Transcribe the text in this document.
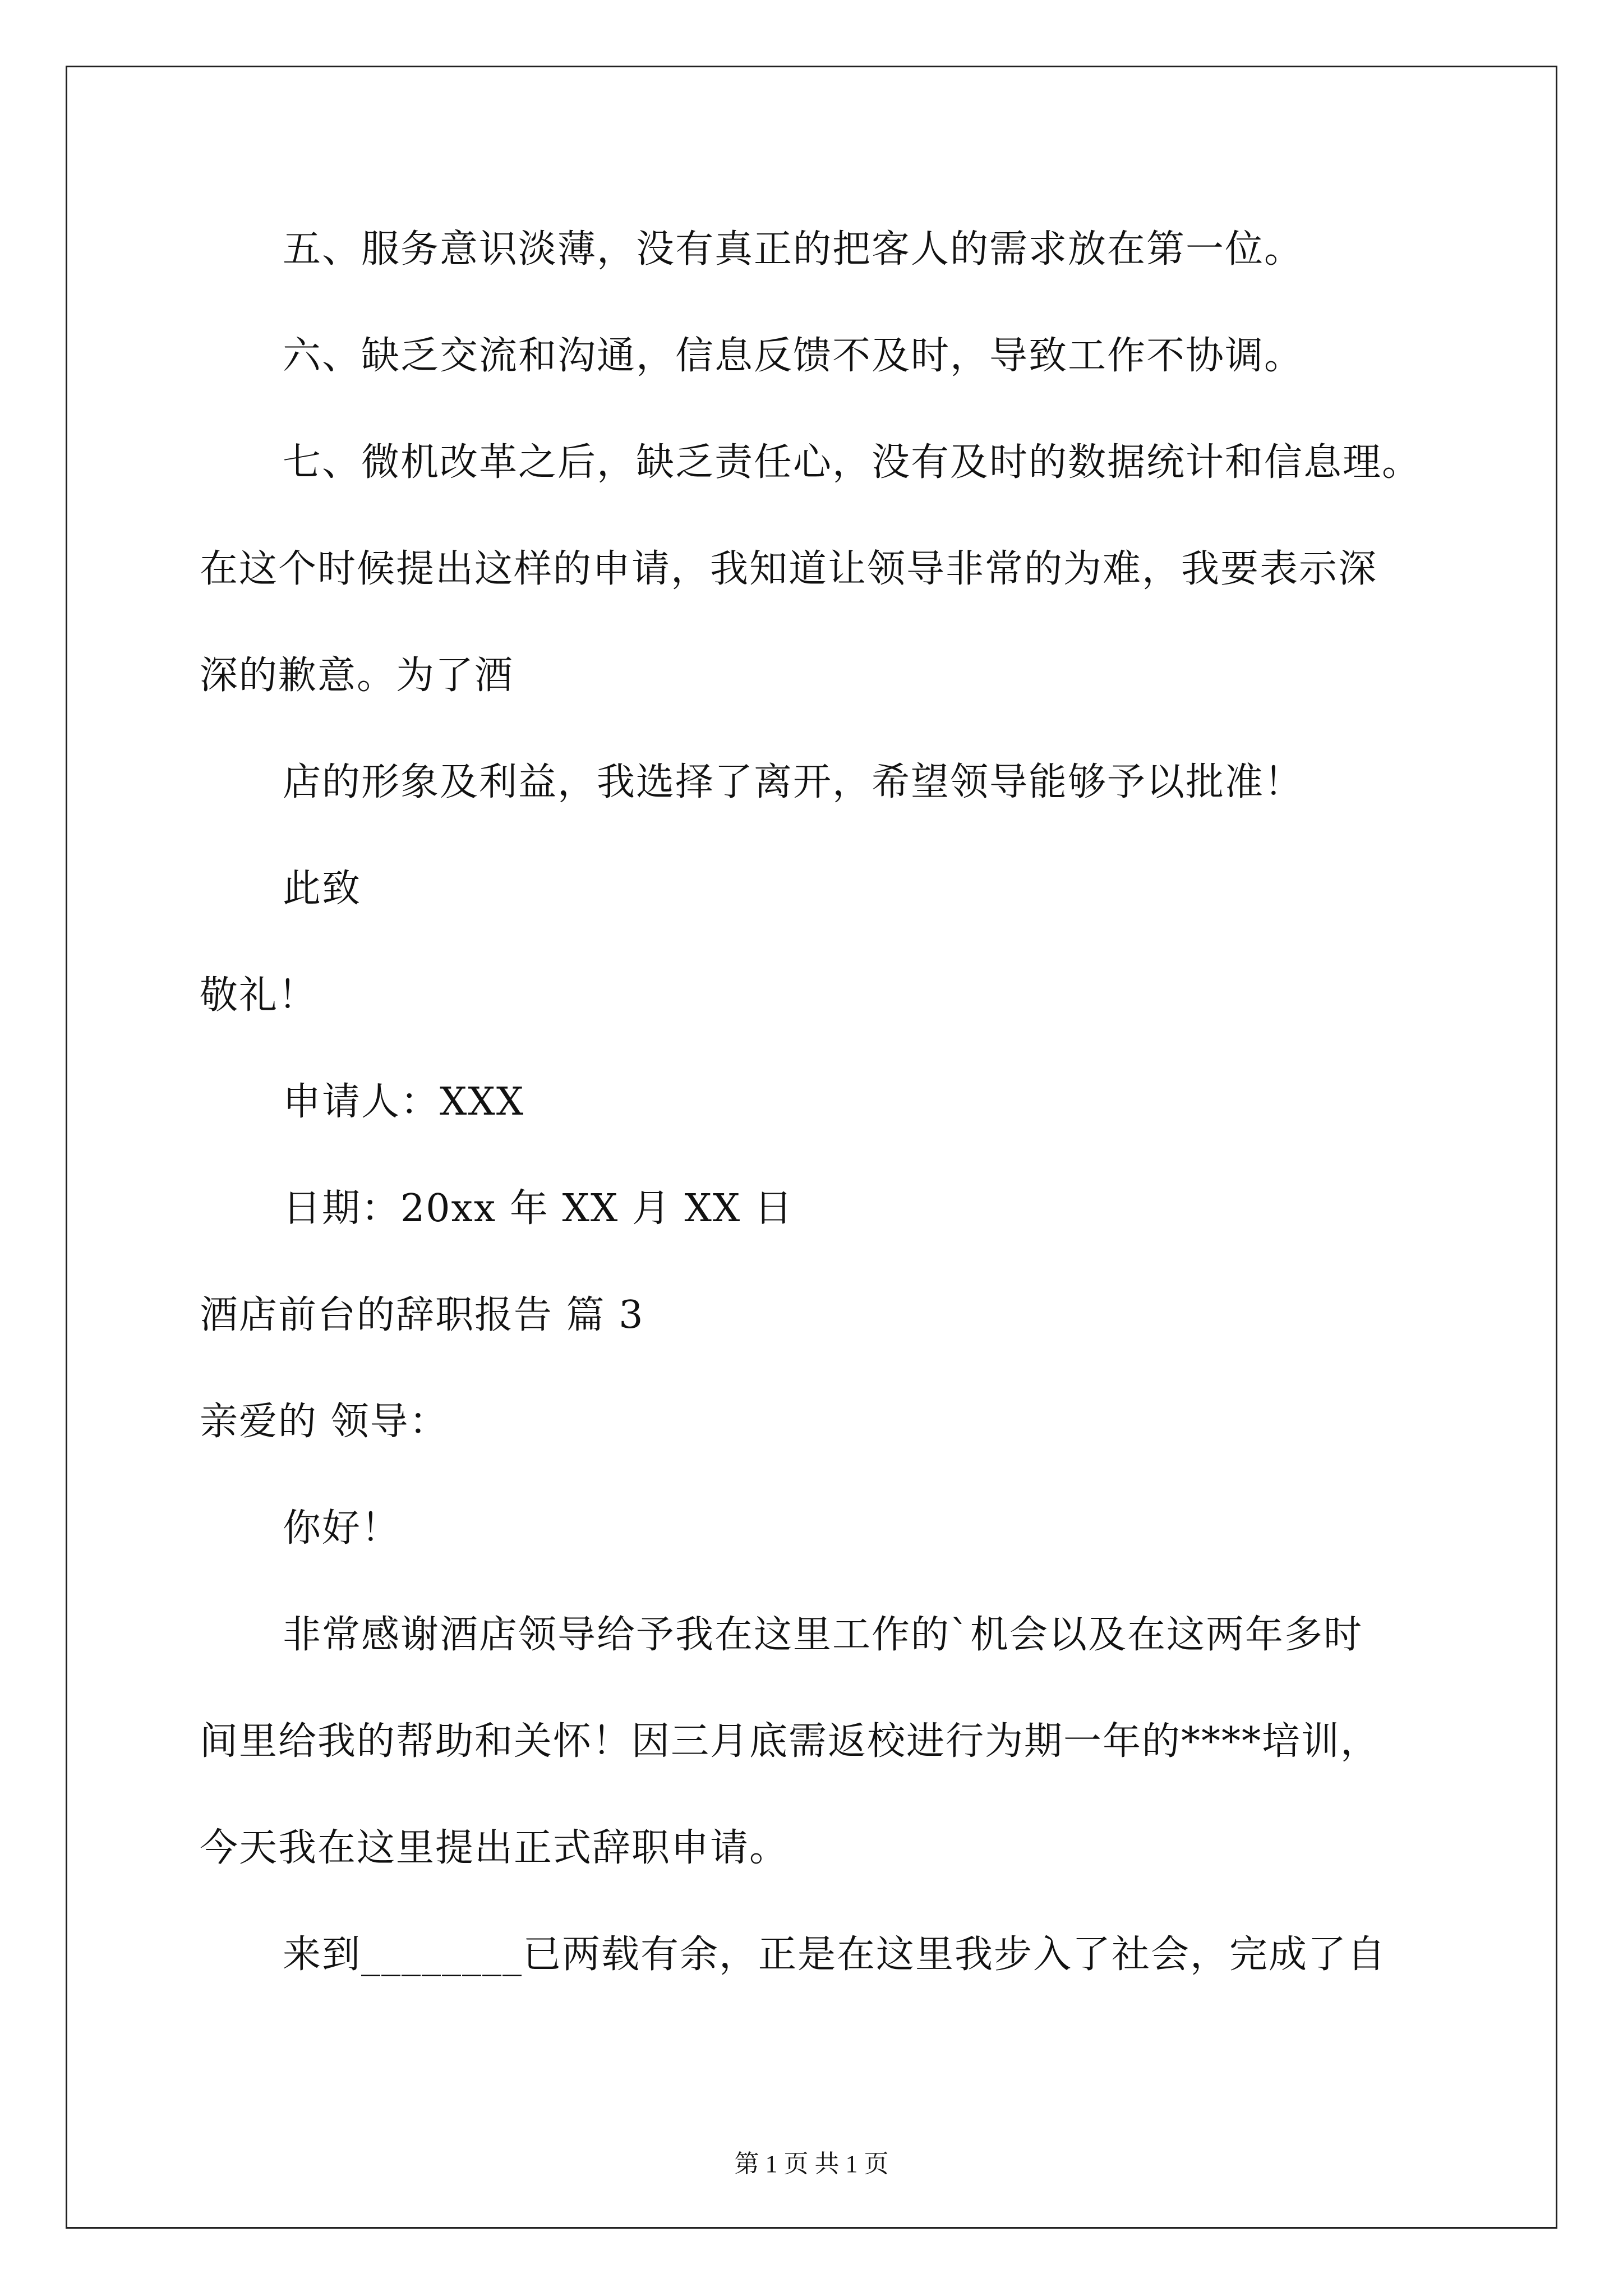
五、服务意识淡薄，没有真正的把客人的需求放在第一位。
六、缺乏交流和沟通，信息反馈不及时，导致工作不协调。
七、微机改革之后，缺乏责任心，没有及时的数据统计和信息理。
在这个时候提出这样的申请，我知道让领导非常的为难，我要表示深
深的歉意。为了酒
店的形象及利益，我选择了离开，希望领导能够予以批准！
此致
敬礼！
申请人：XXX
日期：20xx 年 XX 月 XX 日
酒店前台的辞职报告 篇 3
亲爱的 领导：
你好！
非常感谢酒店领导给予我在这里工作的`机会以及在这两年多时
间里给我的帮助和关怀！因三月底需返校进行为期一年的****培训，
今天我在这里提出正式辞职申请。
来到________已两载有余，正是在这里我步入了社会，完成了自
第 1 页 共 1 页
